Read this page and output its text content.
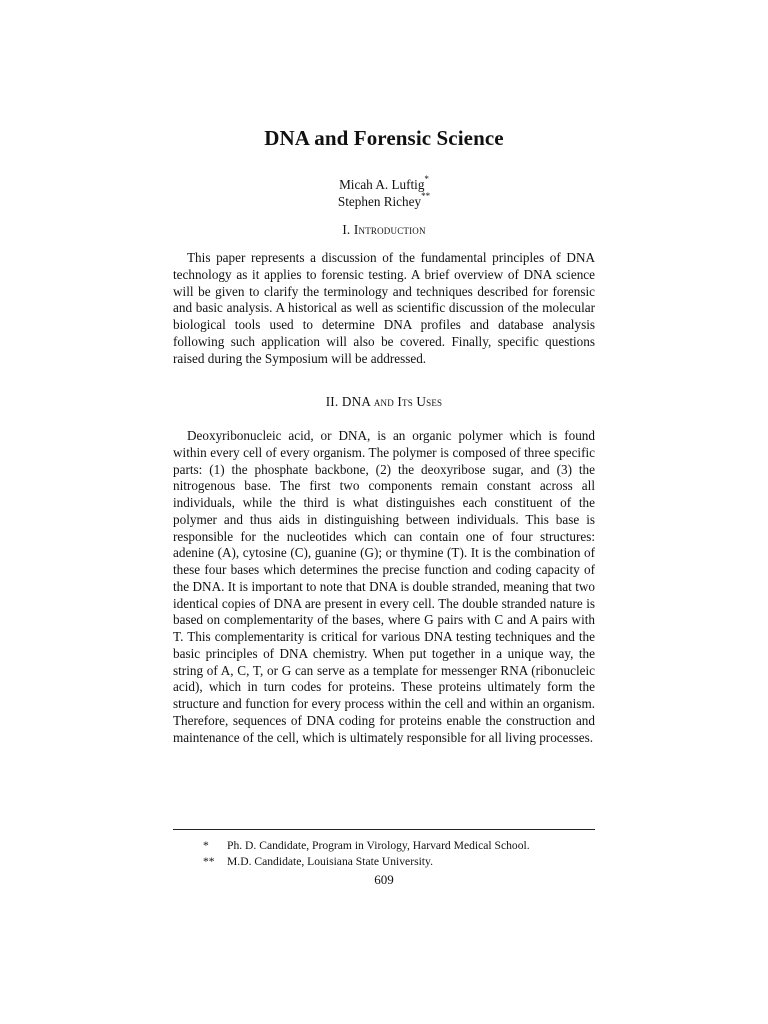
DNA and Forensic Science
Micah A. Luftig*
Stephen Richey**
I. Introduction

This paper represents a discussion of the fundamental principles of DNA technology as it applies to forensic testing. A brief overview of DNA science will be given to clarify the terminology and techniques described for forensic and basic analysis. A historical as well as scientific discussion of the molecular biological tools used to determine DNA profiles and database analysis following such application will also be covered. Finally, specific questions raised during the Symposium will be addressed.

II. DNA and Its Uses

Deoxyribonucleic acid, or DNA, is an organic polymer which is found within every cell of every organism. The polymer is composed of three specific parts: (1) the phosphate backbone, (2) the deoxyribose sugar, and (3) the nitrogenous base. The first two components remain constant across all individuals, while the third is what distinguishes each constituent of the polymer and thus aids in distinguishing between individuals. This base is responsible for the nucleotides which can contain one of four structures: adenine (A), cytosine (C), guanine (G); or thymine (T). It is the combination of these four bases which determines the precise function and coding capacity of the DNA. It is important to note that DNA is double stranded, meaning that two identical copies of DNA are present in every cell. The double stranded nature is based on complementarity of the bases, where G pairs with C and A pairs with T. This complementarity is critical for various DNA testing techniques and the basic principles of DNA chemistry. When put together in a unique way, the string of A, C, T, or G can serve as a template for messenger RNA (ribonucleic acid), which in turn codes for proteins. These proteins ultimately form the structure and function for every process within the cell and within an organism. Therefore, sequences of DNA coding for proteins enable the construction and maintenance of the cell, which is ultimately responsible for all living processes.

*	Ph. D. Candidate, Program in Virology, Harvard Medical School.
**	M.D. Candidate, Louisiana State University.
609
